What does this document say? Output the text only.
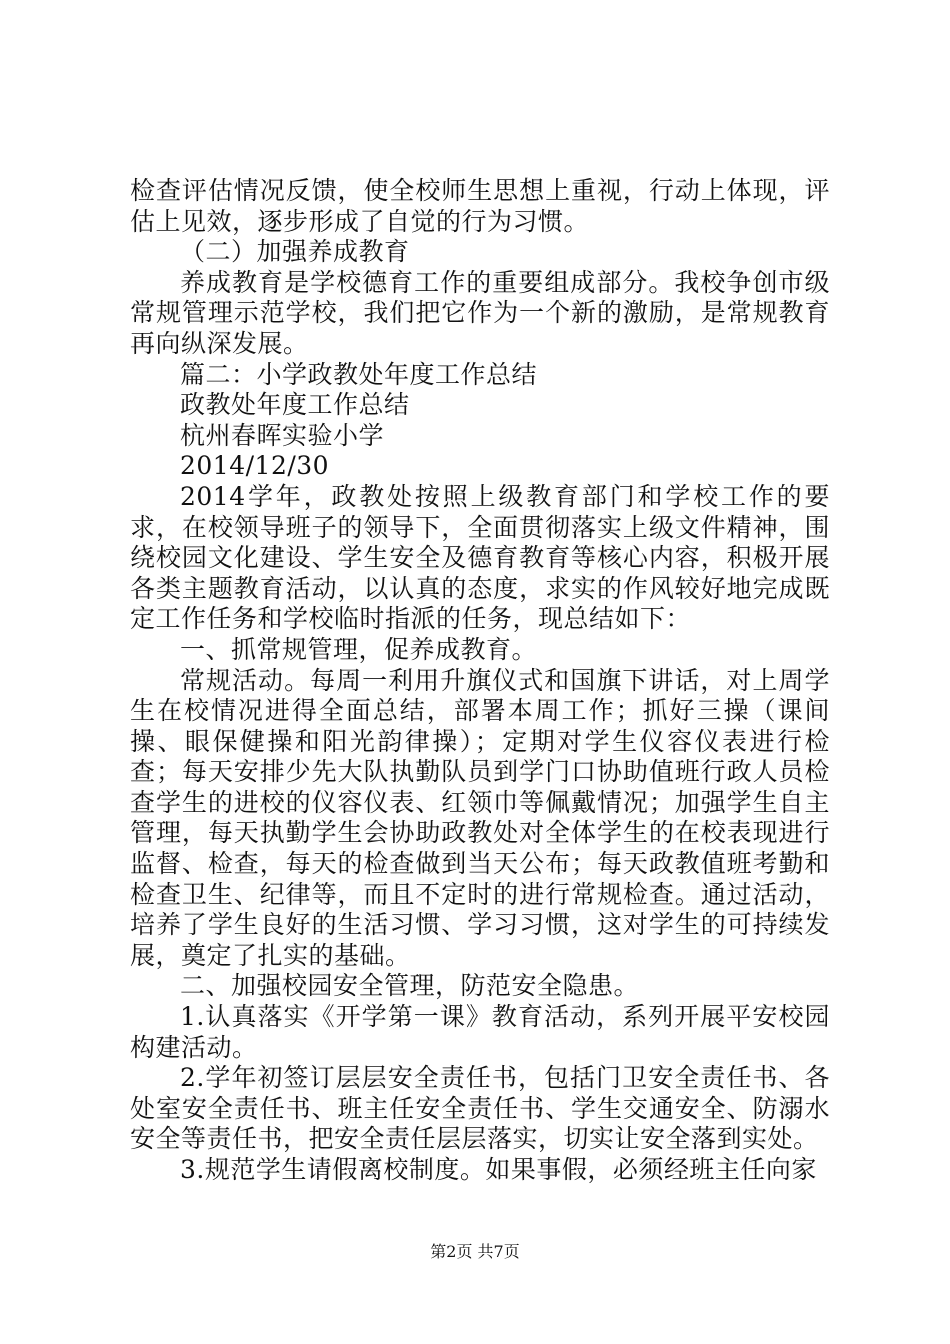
检查评估情况反馈，使全校师生思想上重视，行动上体现，评估上见效，逐步形成了自觉的行为习惯。

（二）加强养成教育

养成教育是学校德育工作的重要组成部分。我校争创市级常规管理示范学校，我们把它作为一个新的激励，是常规教育再向纵深发展。

篇二：小学政教处年度工作总结

政教处年度工作总结

杭州春晖实验小学

2014/12/30

2014学年，政教处按照上级教育部门和学校工作的要求，在校领导班子的领导下，全面贯彻落实上级文件精神，围绕校园文化建设、学生安全及德育教育等核心内容，积极开展各类主题教育活动，以认真的态度，求实的作风较好地完成既定工作任务和学校临时指派的任务，现总结如下：

一、抓常规管理，促养成教育。

常规活动。每周一利用升旗仪式和国旗下讲话，对上周学生在校情况进得全面总结，部署本周工作；抓好三操（课间操、眼保健操和阳光韵律操）；定期对学生仪容仪表进行检查；每天安排少先大队执勤队员到学门口协助值班行政人员检查学生的进校的仪容仪表、红领巾等佩戴情况；加强学生自主管理，每天执勤学生会协助政教处对全体学生的在校表现进行监督、检查，每天的检查做到当天公布；每天政教值班考勤和检查卫生、纪律等，而且不定时的进行常规检查。通过活动，培养了学生良好的生活习惯、学习习惯，这对学生的可持续发展，奠定了扎实的基础。

二、加强校园安全管理，防范安全隐患。

1.认真落实《开学第一课》教育活动，系列开展平安校园构建活动。

2.学年初签订层层安全责任书，包括门卫安全责任书、各处室安全责任书、班主任安全责任书、学生交通安全、防溺水安全等责任书，把安全责任层层落实，切实让安全落到实处。

3.规范学生请假离校制度。如果事假，必须经班主任向家

第2页 共7页
